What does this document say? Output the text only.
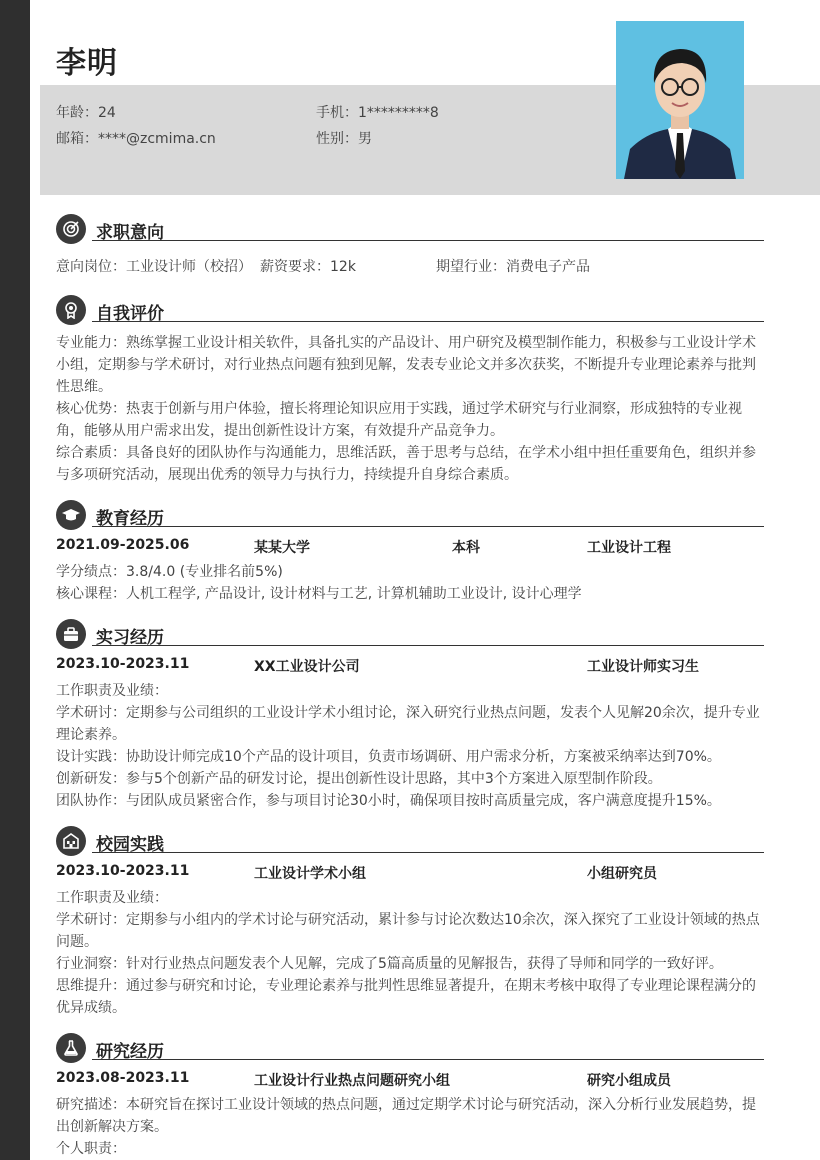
李明
年龄：24	手机：1*********8
邮箱：****@zcmima.cn	性别：男
求职意向
意向岗位：工业设计师（校招） 薪资要求：12k	期望行业：消费电子产品
自我评价
专业能力：熟练掌握工业设计相关软件，具备扎实的产品设计、用户研究及模型制作能力，积极参与工业设计学术小组，定期参与学术研讨，对行业热点问题有独到见解，发表专业论文并多次获奖，不断提升专业理论素养与批判性思维。
核心优势：热衷于创新与用户体验，擅长将理论知识应用于实践，通过学术研究与行业洞察，形成独特的专业视角，能够从用户需求出发，提出创新性设计方案，有效提升产品竞争力。
综合素质：具备良好的团队协作与沟通能力，思维活跃，善于思考与总结，在学术小组中担任重要角色，组织并参与多项研究活动，展现出优秀的领导力与执行力，持续提升自身综合素质。
教育经历
2021.09-2025.06	某某大学	本科	工业设计工程
学分绩点：3.8/4.0 (专业排名前5%)
核心课程：人机工程学, 产品设计, 设计材料与工艺, 计算机辅助工业设计, 设计心理学
实习经历
2023.10-2023.11	XX工业设计公司	工业设计师实习生
工作职责及业绩：
学术研讨：定期参与公司组织的工业设计学术小组讨论，深入研究行业热点问题，发表个人见解20余次，提升专业理论素养。
设计实践：协助设计师完成10个产品的设计项目，负责市场调研、用户需求分析，方案被采纳率达到70%。
创新研发：参与5个创新产品的研发讨论，提出创新性设计思路，其中3个方案进入原型制作阶段。
团队协作：与团队成员紧密合作，参与项目讨论30小时，确保项目按时高质量完成，客户满意度提升15%。
校园实践
2023.10-2023.11	工业设计学术小组	小组研究员
工作职责及业绩：
学术研讨：定期参与小组内的学术讨论与研究活动，累计参与讨论次数达10余次，深入探究了工业设计领域的热点问题。
行业洞察：针对行业热点问题发表个人见解，完成了5篇高质量的见解报告，获得了导师和同学的一致好评。
思维提升：通过参与研究和讨论，专业理论素养与批判性思维显著提升，在期末考核中取得了专业理论课程满分的优异成绩。
研究经历
2023.08-2023.11	工业设计行业热点问题研究小组	研究小组成员
研究描述：本研究旨在探讨工业设计领域的热点问题，通过定期学术讨论与研究活动，深入分析行业发展趋势，提出创新解决方案。
个人职责：
